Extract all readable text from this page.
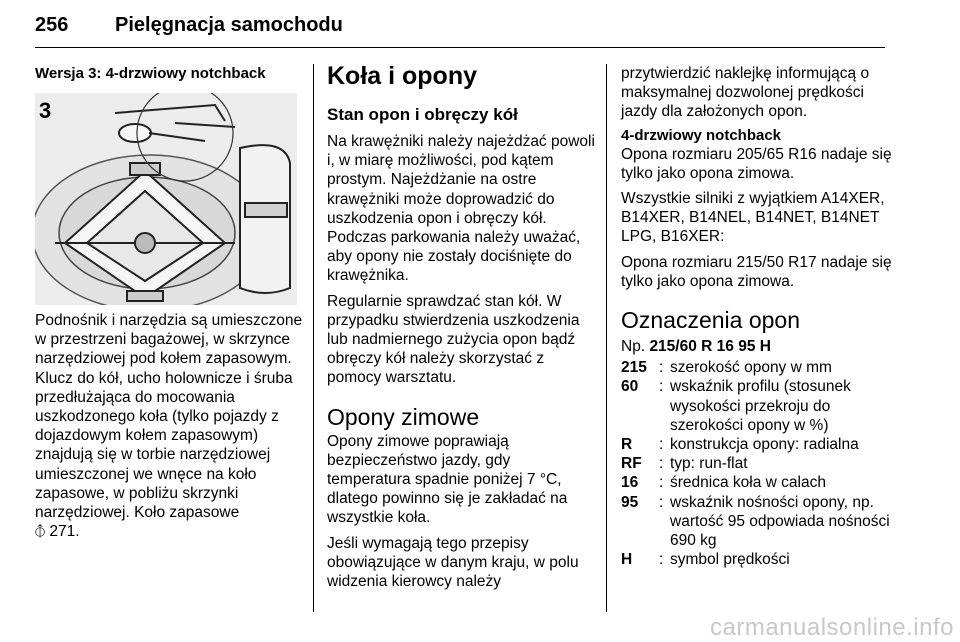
256 Pielęgnacja samochodu
Wersja 3: 4-drzwiowy notchback
3

Podnośnik i narzędzia są umieszczone w przestrzeni bagażowej, w skrzynce narzędziowej pod kołem zapasowym. Klucz do kół, ucho holownicze i śruba przedłużająca do mocowania uszkodzonego koła (tylko pojazdy z dojazdowym kołem zapasowym) znajdują się w torbie narzędziowej umieszczonej we wnęce na koło zapasowe, w pobliżu skrzynki narzędziowej. Koło zapasowe
⦽ 271.

Koła i opony
Stan opon i obręczy kół

Na krawężniki należy najeżdżać powoli i, w miarę możliwości, pod kątem prostym. Najeżdżanie na ostre krawężniki może doprowadzić do uszkodzenia opon i obręczy kół. Podczas parkowania należy uważać, aby opony nie zostały dociśnięte do krawężnika.

Regularnie sprawdzać stan kół. W przypadku stwierdzenia uszkodzenia lub nadmiernego zużycia opon bądź obręczy kół należy skorzystać z pomocy warsztatu.

Opony zimowe

Opony zimowe poprawiają bezpieczeństwo jazdy, gdy temperatura spadnie poniżej 7 °C, dlatego powinno się je zakładać na wszystkie koła.

Jeśli wymagają tego przepisy obowiązujące w danym kraju, w polu widzenia kierowcy należy

przytwierdzić naklejkę informującą o maksymalnej dozwolonej prędkości jazdy dla założonych opon.

4-drzwiowy notchback

Opona rozmiaru 205/65 R16 nadaje się tylko jako opona zimowa.

Wszystkie silniki z wyjątkiem A14XER, B14XER, B14NEL, B14NET, B14NET LPG, B16XER:

Opona rozmiaru 215/50 R17 nadaje się tylko jako opona zimowa.

Oznaczenia opon

Np. 215/60 R 16 95 H

215 : szerokość opony w mm
60	: wskaźnik profilu (stosunek wysokości przekroju do szerokości opony w %)
R	: konstrukcja opony: radialna
RF	: typ: run-flat
16	: średnica koła w calach
95	: wskaźnik nośności opony, np. wartość 95 odpowiada nośności 690 kg
H	: symbol prędkości
carmanualsonline.info
